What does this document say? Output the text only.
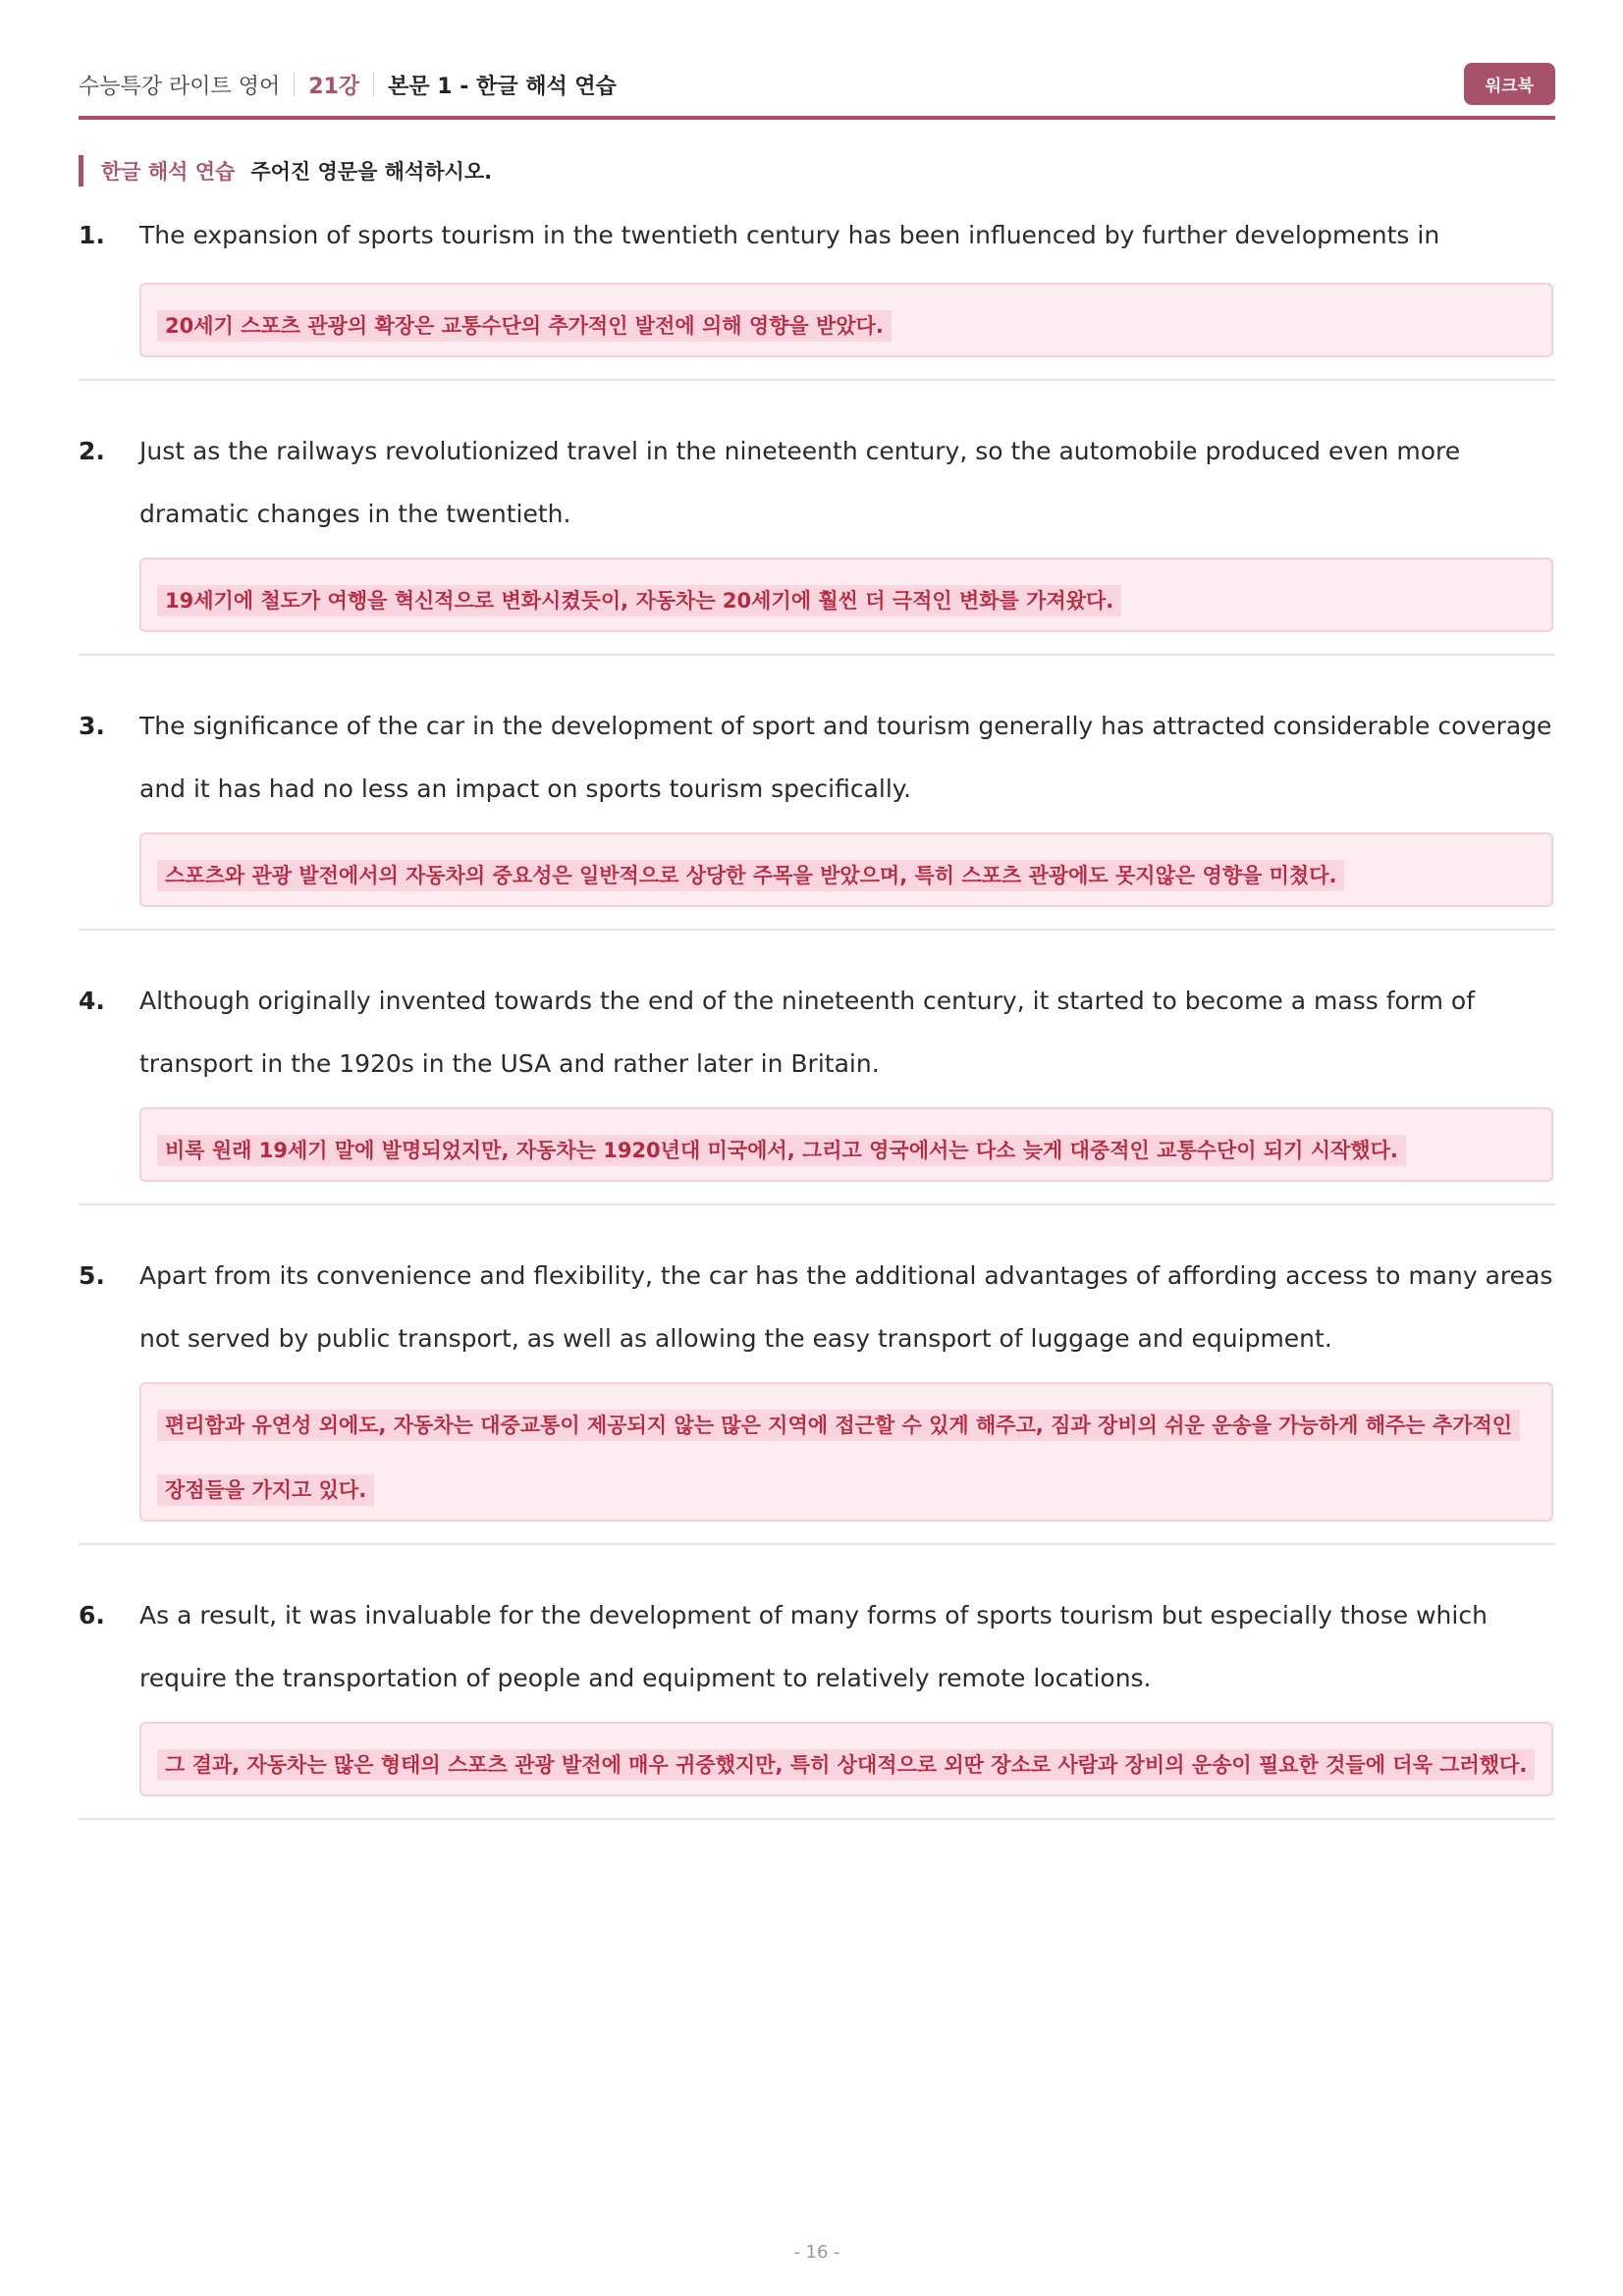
수능특강 라이트 영어 21강 본문 1 - 한글 해석 연습	워크북
한글 해석 연습 주어진 영문을 해석하시오.
1. The expansion of sports tourism in the twentieth century has been influenced by further developments in

20세기 스포츠 관광의 확장은 교통수단의 추가적인 발전에 의해 영향을 받았다.
2. Just as the railways revolutionized travel in the nineteenth century, so the automobile produced even more dramatic changes in the twentieth.

19세기에 철도가 여행을 혁신적으로 변화시켰듯이, 자동차는 20세기에 훨씬 더 극적인 변화를 가져왔다.
3. The significance of the car in the development of sport and tourism generally has attracted considerable coverage and it has had no less an impact on sports tourism specifically.

스포츠와 관광 발전에서의 자동차의 중요성은 일반적으로 상당한 주목을 받았으며, 특히 스포츠 관광에도 못지않은 영향을 미쳤다.
4. Although originally invented towards the end of the nineteenth century, it started to become a mass form of transport in the 1920s in the USA and rather later in Britain.

비록 원래 19세기 말에 발명되었지만, 자동차는 1920년대 미국에서, 그리고 영국에서는 다소 늦게 대중적인 교통수단이 되기 시작했다.
5. Apart from its convenience and flexibility, the car has the additional advantages of affording access to many areas not served by public transport, as well as allowing the easy transport of luggage and equipment.

편리함과 유연성 외에도, 자동차는 대중교통이 제공되지 않는 많은 지역에 접근할 수 있게 해주고, 짐과 장비의 쉬운 운송을 가능하게 해주는 추가적인 장점들을 가지고 있다.
6. As a result, it was invaluable for the development of many forms of sports tourism but especially those which require the transportation of people and equipment to relatively remote locations.

그 결과, 자동차는 많은 형태의 스포츠 관광 발전에 매우 귀중했지만, 특히 상대적으로 외딴 장소로 사람과 장비의 운송이 필요한 것들에 더욱 그러했다.
- 16 -
